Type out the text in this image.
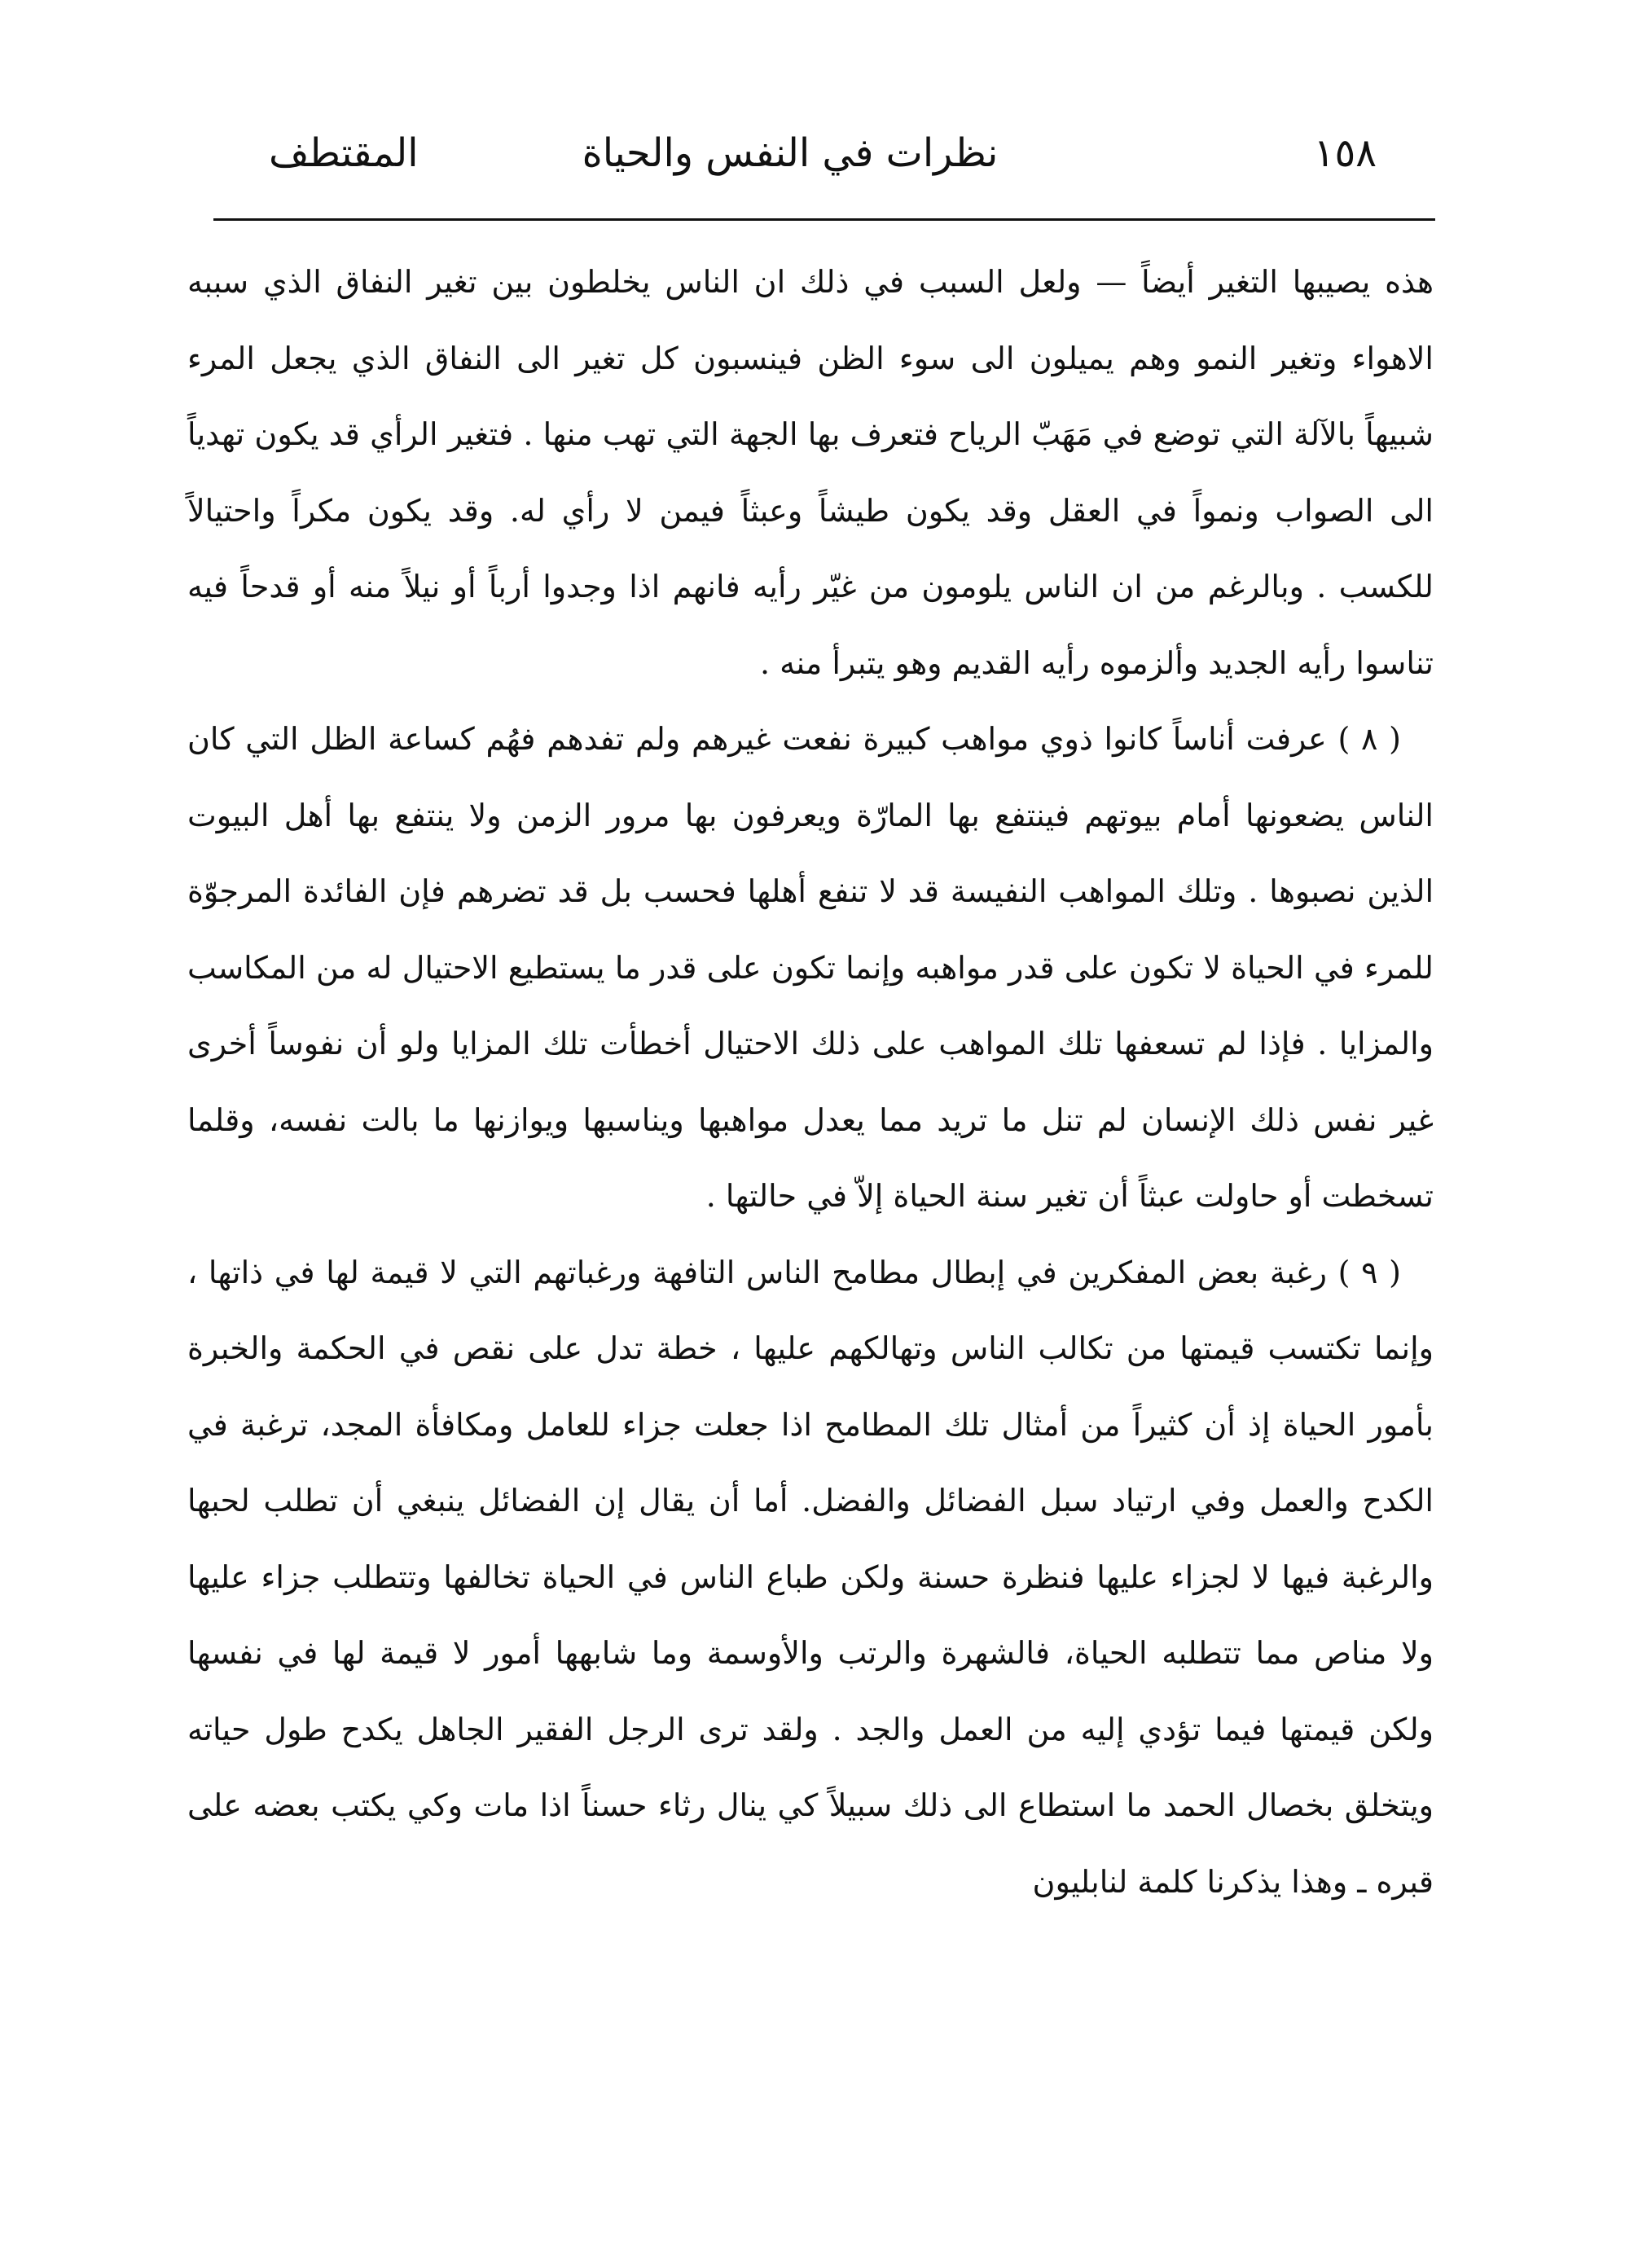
١٥٨
نظرات في النفس والحياة
المقتطف

هذه يصيبها التغير أيضاً — ولعل السبب في ذلك ان الناس يخلطون بين تغير النفاق الذي سببه الاهواء وتغير النمو وهم يميلون الى سوء الظن فينسبون كل تغير الى النفاق الذي يجعل المرء شبيهاً بالآلة التي توضع في مَهَبّ الرياح فتعرف بها الجهة التي تهب منها . فتغير الرأي قد يكون تهدياً الى الصواب ونمواً في العقل وقد يكون طيشاً وعبثاً فيمن لا رأي له. وقد يكون مكراً واحتيالاً للكسب . وبالرغم من ان الناس يلومون من غيّر رأيه فانهم اذا وجدوا أرباً أو نيلاً منه أو قدحاً فيه تناسوا رأيه الجديد وألزموه رأيه القديم وهو يتبرأ منه .

( ٨ ) عرفت أناساً كانوا ذوي مواهب كبيرة نفعت غيرهم ولم تفدهم فهُم كساعة الظل التي كان الناس يضعونها أمام بيوتهم فينتفع بها المارّة ويعرفون بها مرور الزمن ولا ينتفع بها أهل البيوت الذين نصبوها . وتلك المواهب النفيسة قد لا تنفع أهلها فحسب بل قد تضرهم فإن الفائدة المرجوّة للمرء في الحياة لا تكون على قدر مواهبه وإنما تكون على قدر ما يستطيع الاحتيال له من المكاسب والمزايا . فإذا لم تسعفها تلك المواهب على ذلك الاحتيال أخطأت تلك المزايا ولو أن نفوساً أخرى غير نفس ذلك الإنسان لم تنل ما تريد مما يعدل مواهبها ويناسبها ويوازنها ما بالت نفسه، وقلما تسخطت أو حاولت عبثاً أن تغير سنة الحياة إلاّ في حالتها .

( ٩ ) رغبة بعض المفكرين في إبطال مطامح الناس التافهة ورغباتهم التي لا قيمة لها في ذاتها ، وإنما تكتسب قيمتها من تكالب الناس وتهالكهم عليها ، خطة تدل على نقص في الحكمة والخبرة بأمور الحياة إذ أن كثيراً من أمثال تلك المطامح اذا جعلت جزاء للعامل ومكافأة المجد، ترغبة في الكدح والعمل وفي ارتياد سبل الفضائل والفضل. أما أن يقال إن الفضائل ينبغي أن تطلب لحبها والرغبة فيها لا لجزاء عليها فنظرة حسنة ولكن طباع الناس في الحياة تخالفها وتتطلب جزاء عليها ولا مناص مما تتطلبه الحياة، فالشهرة والرتب والأوسمة وما شابهها أمور لا قيمة لها في نفسها ولكن قيمتها فيما تؤدي إليه من العمل والجد . ولقد ترى الرجل الفقير الجاهل يكدح طول حياته ويتخلق بخصال الحمد ما استطاع الى ذلك سبيلاً كي ينال رثاء حسناً اذا مات وكي يكتب بعضه على قبره ـ وهذا يذكرنا كلمة لنابليون
